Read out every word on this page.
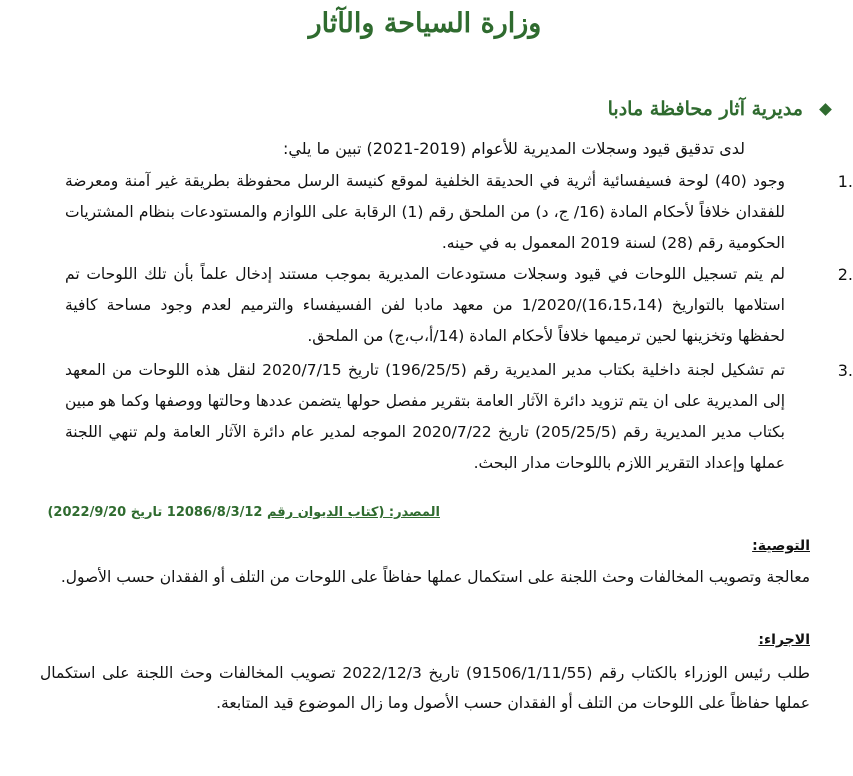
وزارة السياحة والآثار
مديرية آثار محافظة مادبا
لدى تدقيق قيود وسجلات المديرية للأعوام (2019-2021) تبين ما يلي:

1.
وجود (40) لوحة فسيفسائية أثرية في الحديقة الخلفية لموقع كنيسة الرسل محفوظة بطريقة غير آمنة ومعرضة للفقدان خلافاً لأحكام المادة (16/ ج، د) من الملحق رقم (1) الرقابة على اللوازم والمستودعات بنظام المشتريات الحكومية رقم (28) لسنة 2019 المعمول به في حينه.

2.
لم يتم تسجيل اللوحات في قيود وسجلات مستودعات المديرية بموجب مستند إدخال علماً بأن تلك اللوحات تم استلامها بالتواريخ (16،15،14)/1/2020 من معهد مادبا لفن الفسيفساء والترميم لعدم وجود مساحة كافية لحفظها وتخزينها لحين ترميمها خلافاً لأحكام المادة (14/أ،ب،ج) من الملحق.

3.
تم تشكيل لجنة داخلية بكتاب مدير المديرية رقم (196/25/5) تاريخ 2020/7/15 لنقل هذه اللوحات من المعهد إلى المديرية على ان يتم تزويد دائرة الآثار العامة بتقرير مفصل حولها يتضمن عددها وحالتها ووصفها وكما هو مبين بكتاب مدير المديرية رقم (205/25/5) تاريخ 2020/7/22 الموجه لمدير عام دائرة الآثار العامة ولم تنهي اللجنة عملها وإعداد التقرير اللازم باللوحات مدار البحث.

المصدر: (كتاب الديوان رقم 12086/8/3/12 تاريخ 2022/9/20)
التوصية:
معالجة وتصويب المخالفات وحث اللجنة على استكمال عملها حفاظاً على اللوحات من التلف أو الفقدان حسب الأصول.
الاجراء:
طلب رئيس الوزراء بالكتاب رقم (91506/1/11/55) تاريخ 2022/12/3 تصويب المخالفات وحث اللجنة على استكمال عملها حفاظاً على اللوحات من التلف أو الفقدان حسب الأصول وما زال الموضوع قيد المتابعة.
